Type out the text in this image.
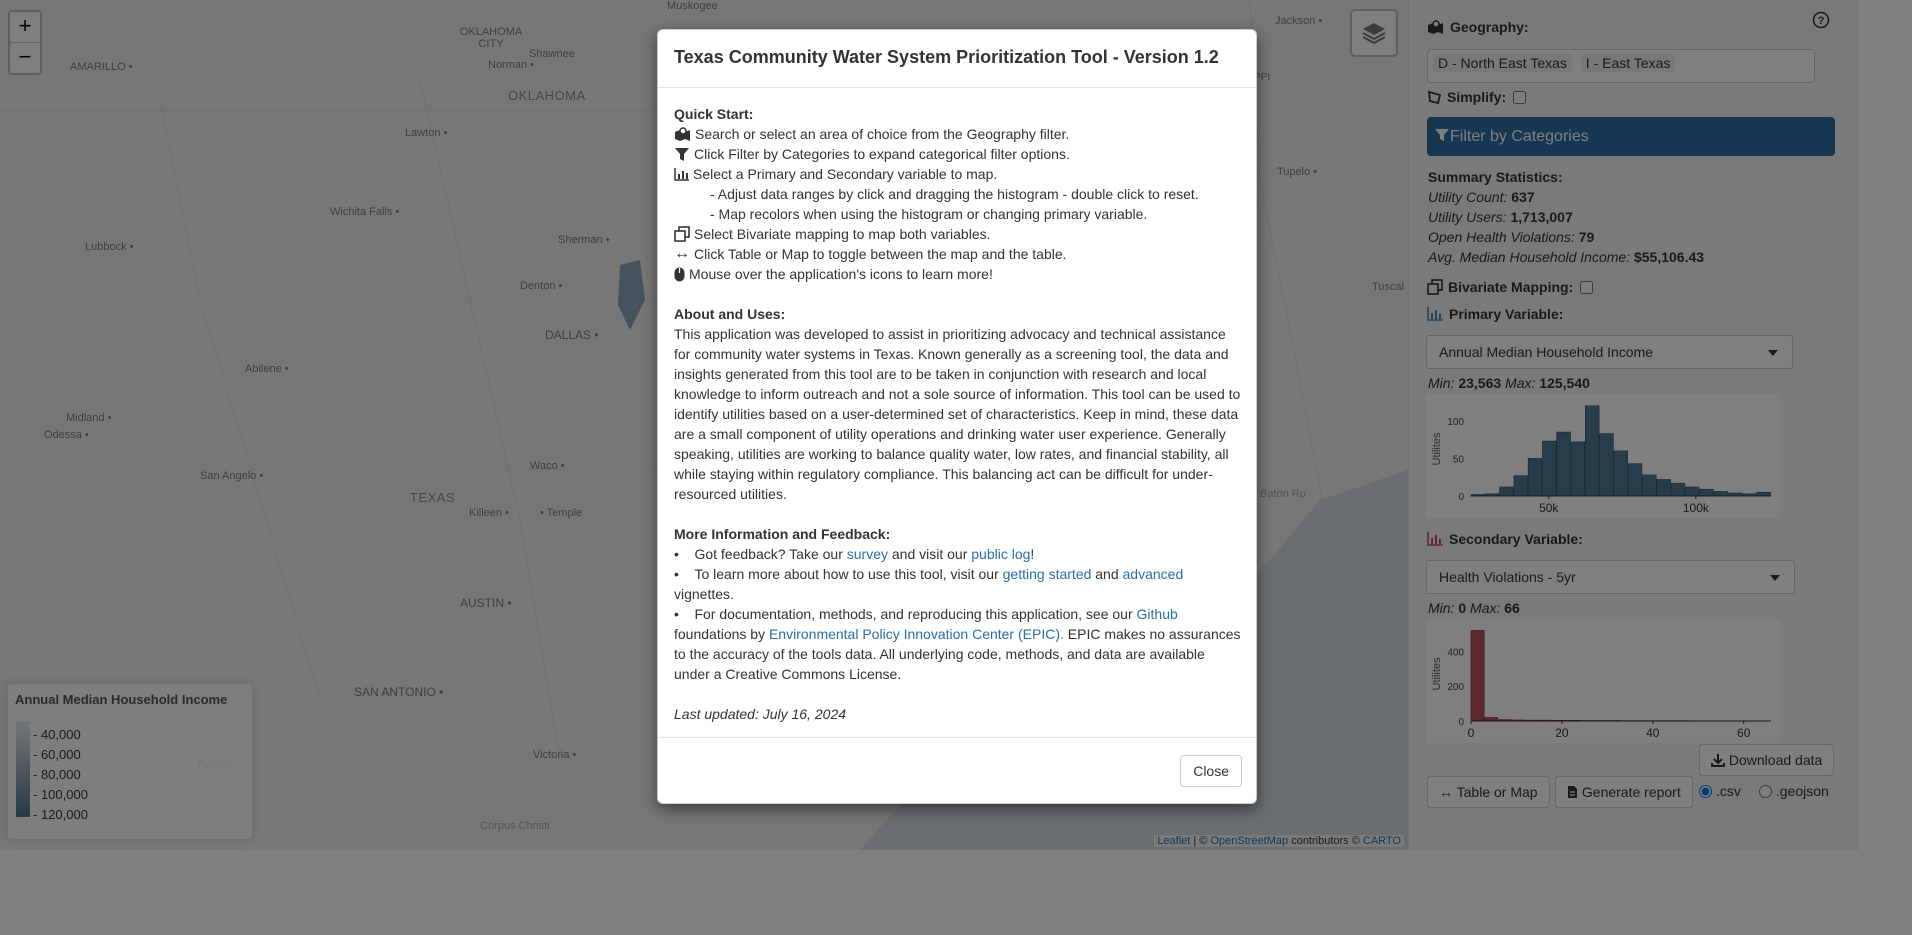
•
•
•
•
•
•
•
•
•
•
•
•
•
•
•
•
•
•
•

Texas Community Water System Prioritization Tool - Version 1.2
Quick Start:
Search or select an area of choice from the Geography filter.
Click Filter by Categories to expand categorical filter options.
Select a Primary and Secondary variable to map.
- Adjust data ranges by click and dragging the histogram - double click to reset.
- Map recolors when using the histogram or changing primary variable.
Select Bivariate mapping to map both variables.
↔ Click Table or Map to toggle between the map and the table.
Mouse over the application's icons to learn more!
About and Uses:

This application was developed to assist in prioritizing advocacy and technical assistance for community water systems in Texas. Known generally as a screening tool, the data and insights generated from this tool are to be taken in conjunction with research and local knowledge to inform outreach and not a sole source of information. This tool can be used to identify utilities based on a user-determined set of characteristics. Keep in mind, these data are a small component of utility operations and drinking water user experience. Generally speaking, utilities are working to balance quality water, low rates, and financial stability, all while staying within regulatory compliance. This balancing act can be difficult for under-resourced utilities.

More Information and Feedback:
•    Got feedback? Take our survey and visit our public log!
•    To learn more about how to use this tool, visit our getting started and advanced
vignettes.
•    For documentation, methods, and reproducing this application, see our Github
foundations by Environmental Policy Innovation Center (EPIC). EPIC makes no assurances to the accuracy of the tools data. All underlying code, methods, and data are available under a Creative Commons License.
Last updated: July 16, 2024
Close
